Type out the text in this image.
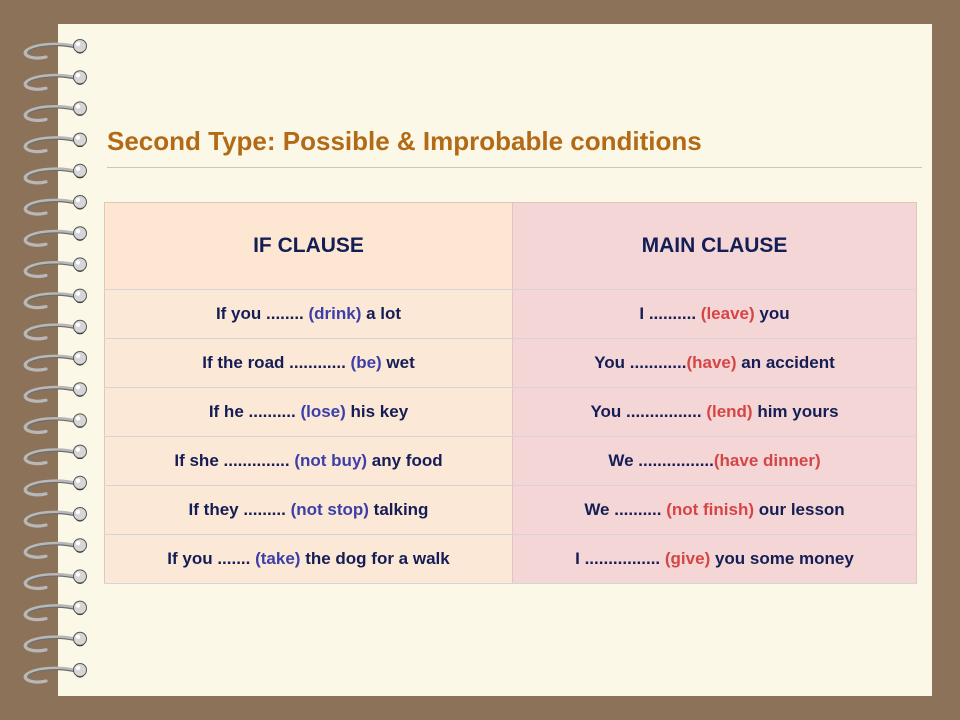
Second Type: Possible & Improbable conditions
IF CLAUSE	MAIN CLAUSE
If you ........ (drink) a lot	I .......... (leave) you
If the road ............ (be) wet	You ............(have) an accident
If he .......... (lose) his key	You ................ (lend) him yours
If she .............. (not buy) any food	We ................(have dinner)
If they ......... (not stop) talking	We .......... (not finish) our lesson
If you ....... (take) the dog for a walk	I ................ (give) you some money
